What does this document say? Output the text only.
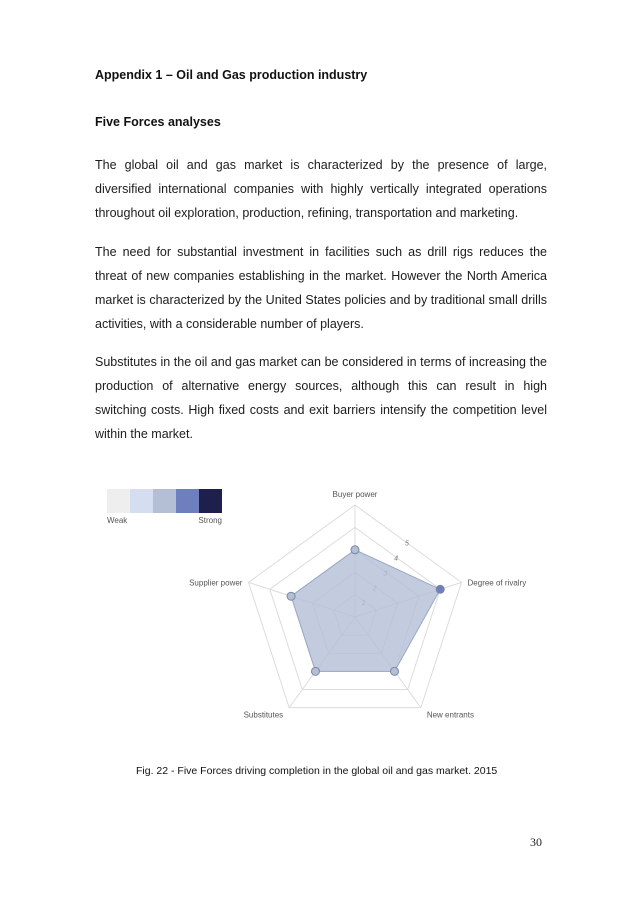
Appendix 1 – Oil and Gas production industry
Five Forces analyses
The global oil and gas market is characterized by the presence of large, diversified international companies with highly vertically integrated operations throughout oil exploration, production, refining, transportation and marketing.
The need for substantial investment in facilities such as drill rigs reduces the threat of new companies establishing in the market. However the North America market is characterized by the United States policies and by traditional small drills activities, with a considerable number of players.
Substitutes in the oil and gas market can be considered in terms of increasing the production of alternative energy sources, although this can result in high switching costs. High fixed costs and exit barriers intensify the competition level within the market.
Weak	Strong
4
5
Buyer power
Degree of rivalry
New entrants
Substitutes
Supplier power
Fig. 22 - Five Forces driving completion in the global oil and gas market. 2015
30
